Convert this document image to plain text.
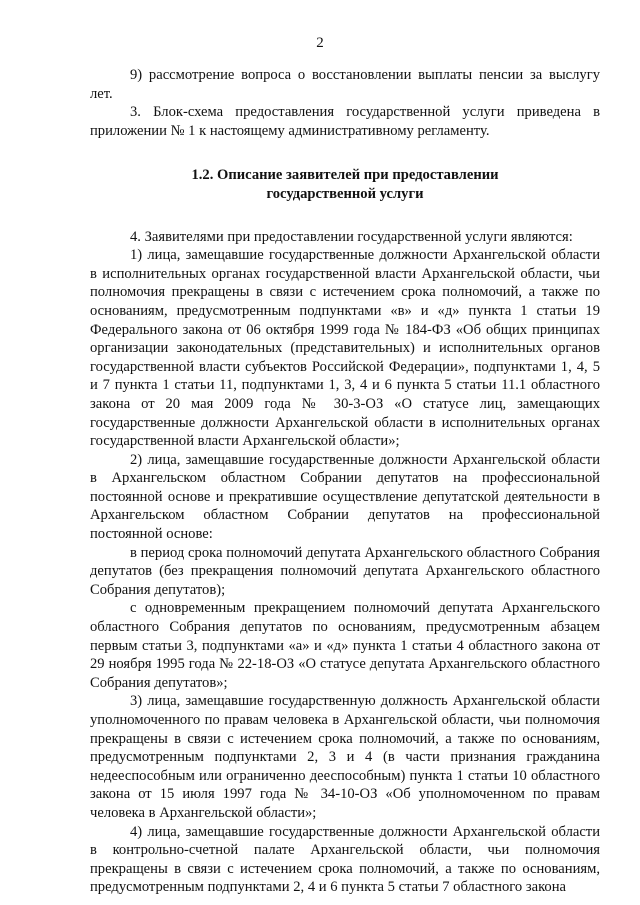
2

9) рассмотрение вопроса о восстановлении выплаты пенсии за выслугу лет.

3. Блок-схема предоставления государственной услуги приведена в приложении № 1 к настоящему административному регламенту.

1.2. Описание заявителей при предоставлении
государственной услуги

4. Заявителями при предоставлении государственной услуги являются:

1) лица, замещавшие государственные должности Архангельской области в исполнительных органах государственной власти Архангельской области, чьи полномочия прекращены в связи с истечением срока полномочий, а также по основаниям, предусмотренным подпунктами «в» и «д» пункта 1 статьи 19 Федерального закона от 06 октября 1999 года № 184-ФЗ «Об общих принципах организации законодательных (представительных) и исполнительных органов государственной власти субъектов Российской Федерации», подпунктами 1, 4, 5 и 7 пункта 1 статьи 11, подпунктами 1, 3, 4 и 6 пункта 5 статьи 11.1 областного закона от 20 мая 2009 года № 30-3-ОЗ «О статусе лиц, замещающих государственные должности Архангельской области в исполнительных органах государственной власти Архангельской области»;

2) лица, замещавшие государственные должности Архангельской области в Архангельском областном Собрании депутатов на профессиональной постоянной основе и прекратившие осуществление депутатской деятельности в Архангельском областном Собрании депутатов на профессиональной постоянной основе:

в период срока полномочий депутата Архангельского областного Собрания депутатов (без прекращения полномочий депутата Архангельского областного Собрания депутатов);

с одновременным прекращением полномочий депутата Архангельского областного Собрания депутатов по основаниям, предусмотренным абзацем первым статьи 3, подпунктами «а» и «д» пункта 1 статьи 4 областного закона от 29 ноября 1995 года № 22-18-ОЗ «О статусе депутата Архангельского областного Собрания депутатов»;

3) лица, замещавшие государственную должность Архангельской области уполномоченного по правам человека в Архангельской области, чьи полномочия прекращены в связи с истечением срока полномочий, а также по основаниям, предусмотренным подпунктами 2, 3 и 4 (в части признания гражданина недееспособным или ограниченно дееспособным) пункта 1 статьи 10 областного закона от 15 июля 1997 года № 34-10-ОЗ «Об уполномоченном по правам человека в Архангельской области»;

4) лица, замещавшие государственные должности Архангельской области в контрольно-счетной палате Архангельской области, чьи полномочия прекращены в связи с истечением срока полномочий, а также по основаниям, предусмотренным подпунктами 2, 4 и 6 пункта 5 статьи 7 областного закона
